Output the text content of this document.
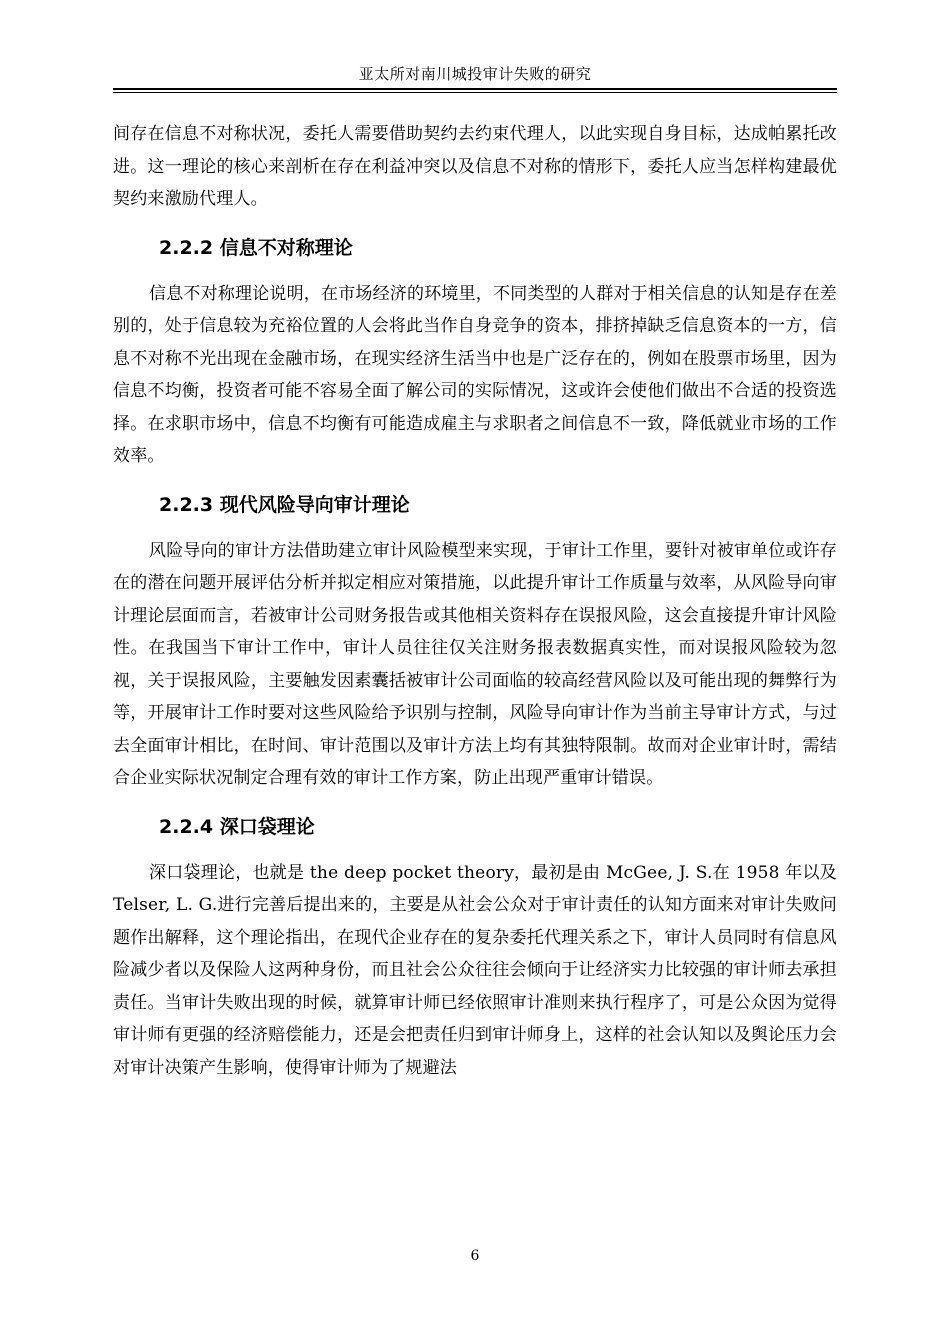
亚太所对南川城投审计失败的研究

间存在信息不对称状况，委托人需要借助契约去约束代理人，以此实现自身目标，达成帕累托改进。这一理论的核心来剖析在存在利益冲突以及信息不对称的情形下，委托人应当怎样构建最优契约来激励代理人。

2.2.2 信息不对称理论

信息不对称理论说明，在市场经济的环境里，不同类型的人群对于相关信息的认知是存在差别的，处于信息较为充裕位置的人会将此当作自身竞争的资本，排挤掉缺乏信息资本的一方，信息不对称不光出现在金融市场，在现实经济生活当中也是广泛存在的，例如在股票市场里，因为信息不均衡，投资者可能不容易全面了解公司的实际情况，这或许会使他们做出不合适的投资选择。在求职市场中，信息不均衡有可能造成雇主与求职者之间信息不一致，降低就业市场的工作效率。

2.2.3 现代风险导向审计理论

风险导向的审计方法借助建立审计风险模型来实现，于审计工作里，要针对被审单位或许存在的潜在问题开展评估分析并拟定相应对策措施，以此提升审计工作质量与效率，从风险导向审计理论层面而言，若被审计公司财务报告或其他相关资料存在误报风险，这会直接提升审计风险性。在我国当下审计工作中，审计人员往往仅关注财务报表数据真实性，而对误报风险较为忽视，关于误报风险，主要触发因素囊括被审计公司面临的较高经营风险以及可能出现的舞弊行为等，开展审计工作时要对这些风险给予识别与控制，风险导向审计作为当前主导审计方式，与过去全面审计相比，在时间、审计范围以及审计方法上均有其独特限制。故而对企业审计时，需结合企业实际状况制定合理有效的审计工作方案，防止出现严重审计错误。

2.2.4 深口袋理论

深口袋理论，也就是 the deep pocket theory，最初是由 McGee, J. S.在 1958 年以及 Telser, L. G.进行完善后提出来的，主要是从社会公众对于审计责任的认知方面来对审计失败问题作出解释，这个理论指出，在现代企业存在的复杂委托代理关系之下，审计人员同时有信息风险减少者以及保险人这两种身份，而且社会公众往往会倾向于让经济实力比较强的审计师去承担责任。当审计失败出现的时候，就算审计师已经依照审计准则来执行程序了，可是公众因为觉得审计师有更强的经济赔偿能力，还是会把责任归到审计师身上，这样的社会认知以及舆论压力会对审计决策产生影响，使得审计师为了规避法

6
